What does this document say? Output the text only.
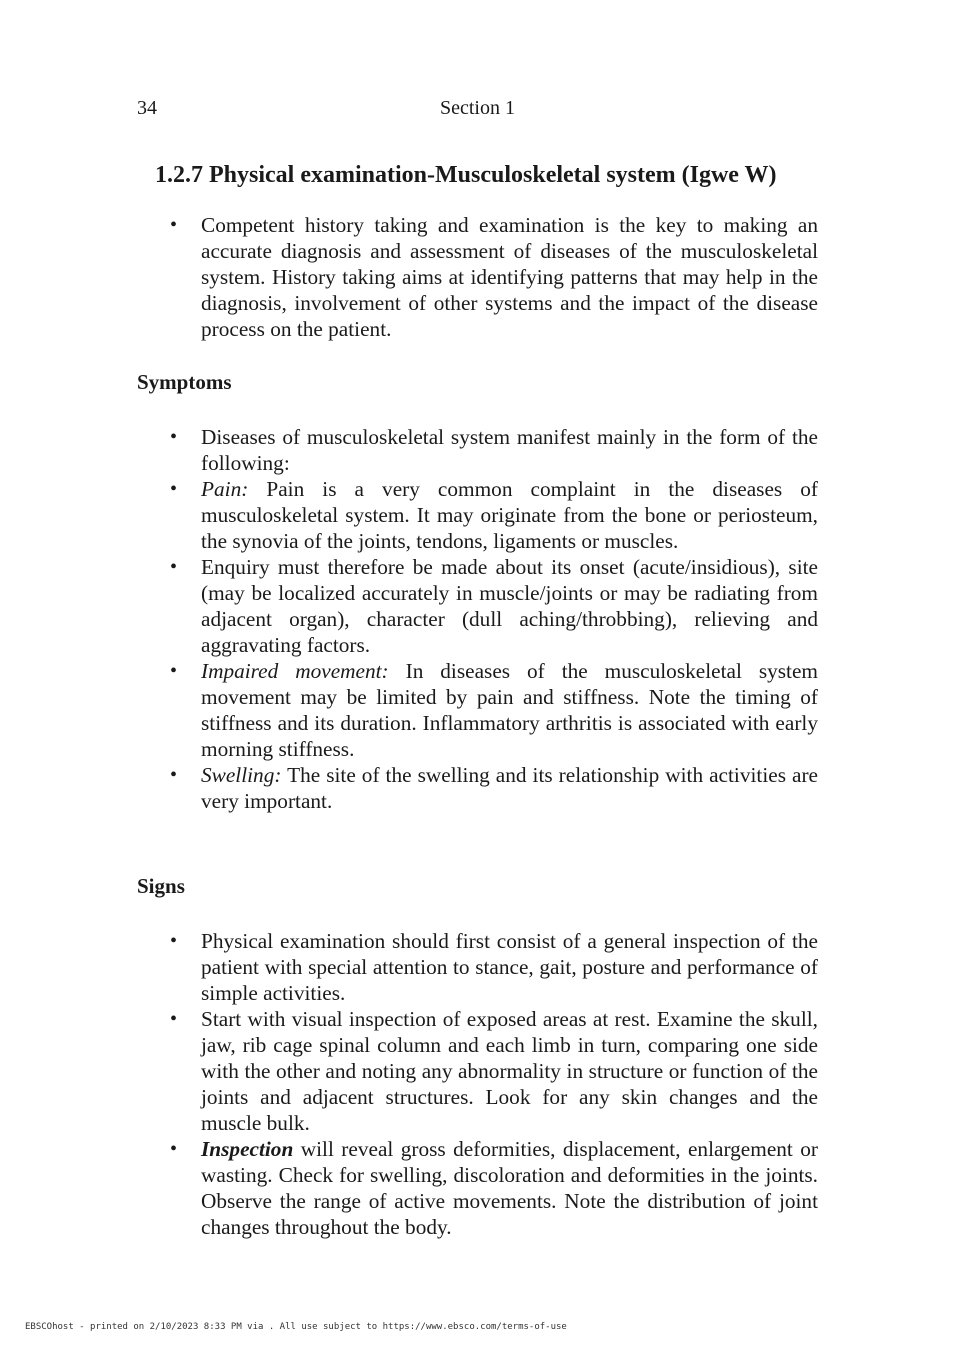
34	Section 1
1.2.7 Physical examination-Musculoskeletal system (Igwe W)
• Competent history taking and examination is the key to making an accurate diagnosis and assessment of diseases of the musculoskeletal system. History taking aims at identifying patterns that may help in the diagnosis, involvement of other systems and the impact of the disease process on the patient.
Symptoms
• Diseases of musculoskeletal system manifest mainly in the form of the following:
• Pain: Pain is a very common complaint in the diseases of musculoskeletal system. It may originate from the bone or periosteum, the synovia of the joints, tendons, ligaments or muscles.
• Enquiry must therefore be made about its onset (acute/insidious), site (may be localized accurately in muscle/joints or may be radiating from adjacent organ), character (dull aching/throbbing), relieving and aggravating factors.
• Impaired movement: In diseases of the musculoskeletal system movement may be limited by pain and stiffness. Note the timing of stiffness and its duration. Inflammatory arthritis is associated with early morning stiffness.
• Swelling: The site of the swelling and its relationship with activities are very important.
Signs
• Physical examination should first consist of a general inspection of the patient with special attention to stance, gait, posture and performance of simple activities.
• Start with visual inspection of exposed areas at rest. Examine the skull, jaw, rib cage spinal column and each limb in turn, comparing one side with the other and noting any abnormality in structure or function of the joints and adjacent structures. Look for any skin changes and the muscle bulk.
• Inspection will reveal gross deformities, displacement, enlargement or wasting. Check for swelling, discoloration and deformities in the joints. Observe the range of active movements. Note the distribution of joint changes throughout the body.
EBSCOhost - printed on 2/10/2023 8:33 PM via . All use subject to https://www.ebsco.com/terms-of-use
